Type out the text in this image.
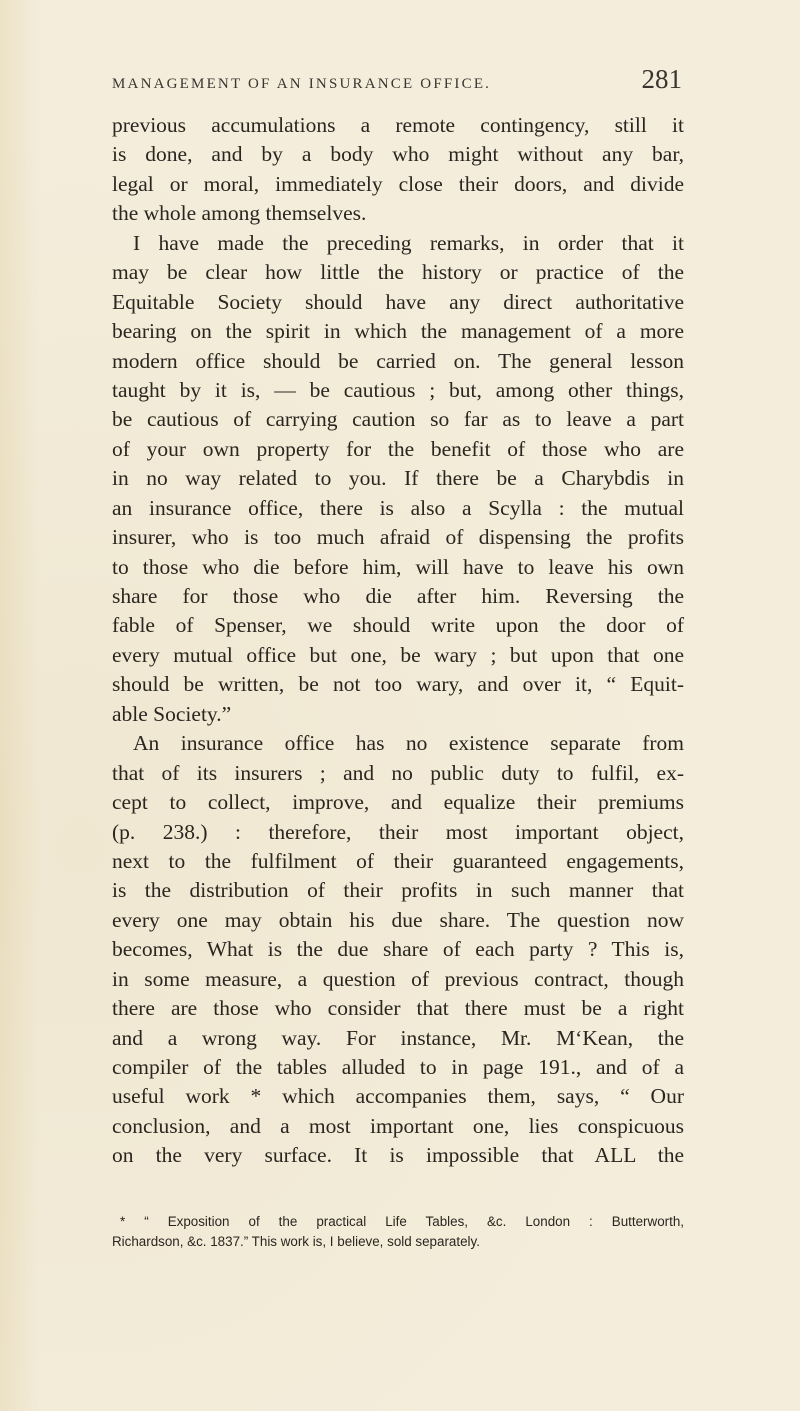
MANAGEMENT OF AN INSURANCE OFFICE.	281
previous accumulations a remote contingency, still it
is done, and by a body who might without any bar,
legal or moral, immediately close their doors, and divide
the whole among themselves.
I have made the preceding remarks, in order that it
may be clear how little the history or practice of the
Equitable Society should have any direct authoritative
bearing on the spirit in which the management of a more
modern office should be carried on. The general lesson
taught by it is, — be cautious ; but, among other things,
be cautious of carrying caution so far as to leave a part
of your own property for the benefit of those who are
in no way related to you. If there be a Charybdis in
an insurance office, there is also a Scylla : the mutual
insurer, who is too much afraid of dispensing the profits
to those who die before him, will have to leave his own
share for those who die after him. Reversing the
fable of Spenser, we should write upon the door of
every mutual office but one, be wary ; but upon that one
should be written, be not too wary, and over it, “ Equit-
able Society.”
An insurance office has no existence separate from
that of its insurers ; and no public duty to fulfil, ex-
cept to collect, improve, and equalize their premiums
(p. 238.) : therefore, their most important object,
next to the fulfilment of their guaranteed engagements,
is the distribution of their profits in such manner that
every one may obtain his due share. The question now
becomes, What is the due share of each party ? This is,
in some measure, a question of previous contract, though
there are those who consider that there must be a right
and a wrong way. For instance, Mr. M‘Kean, the
compiler of the tables alluded to in page 191., and of a
useful work * which accompanies them, says, “ Our
conclusion, and a most important one, lies conspicuous
on the very surface. It is impossible that ALL the
* “ Exposition of the practical Life Tables, &c. London : Butterworth,
Richardson, &c. 1837.” This work is, I believe, sold separately.
